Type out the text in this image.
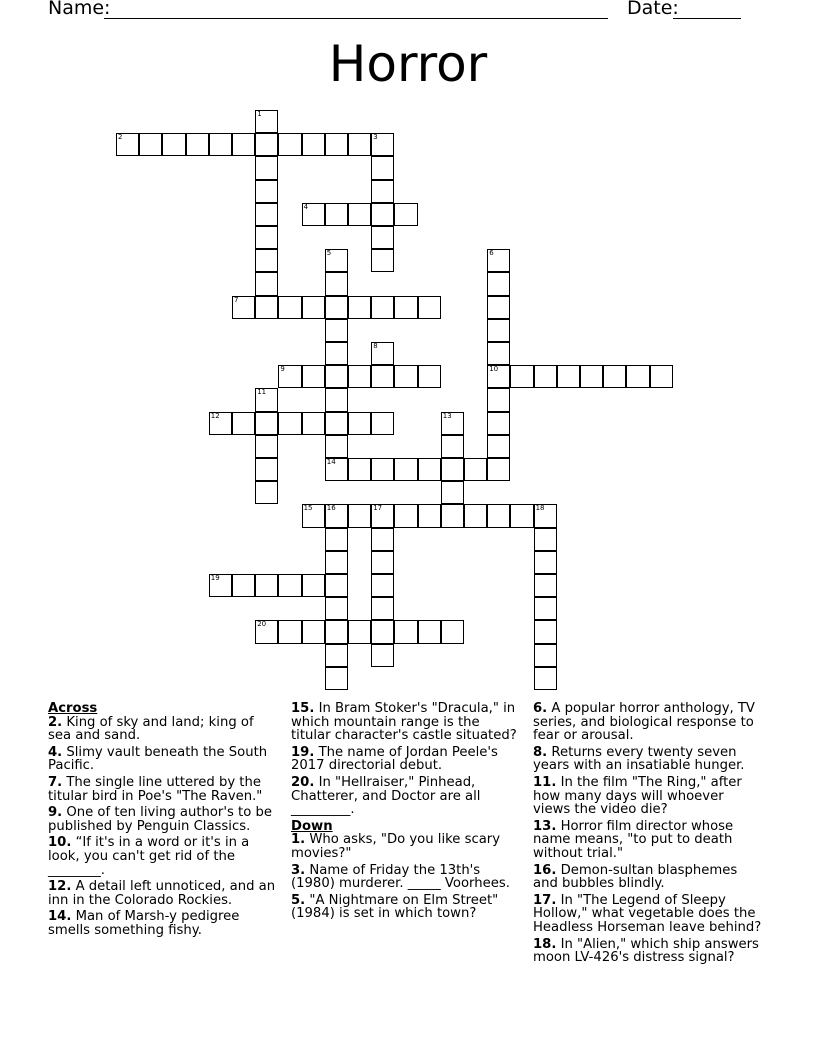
Name:	Date:
Horror
2	3
1
4
5	6
10
7
8
9
11
12	13
14
15 16	17	18
19
20
Across
2. King of sky and land; king of sea and sand.
4. Slimy vault beneath the South Pacific.
7. The single line uttered by the titular bird in Poe's "The Raven."
9. One of ten living author's to be published by Penguin Classics.
10. “If it's in a word or it's in a look, you can't get rid of the ________.
12. A detail left unnoticed, and an inn in the Colorado Rockies.
14. Man of Marsh-y pedigree smells something fishy.
15. In Bram Stoker's "Dracula," in which mountain range is the titular character's castle situated?
19. The name of Jordan Peele's 2017 directorial debut.
20. In "Hellraiser," Pinhead, Chatterer, and Doctor are all _________.
Down
1. Who asks, "Do you like scary movies?"
3. Name of Friday the 13th's (1980) murderer. _____ Voorhees.
5. "A Nightmare on Elm Street" (1984) is set in which town?
6. A popular horror anthology, TV series, and biological response to fear or arousal.
8. Returns every twenty seven years with an insatiable hunger.
11. In the film "The Ring," after how many days will whoever views the video die?
13. Horror film director whose name means, "to put to death without trial."
16. Demon-sultan blasphemes and bubbles blindly.
17. In "The Legend of Sleepy Hollow," what vegetable does the Headless Horseman leave behind?
18. In "Alien," which ship answers moon LV-426's distress signal?
